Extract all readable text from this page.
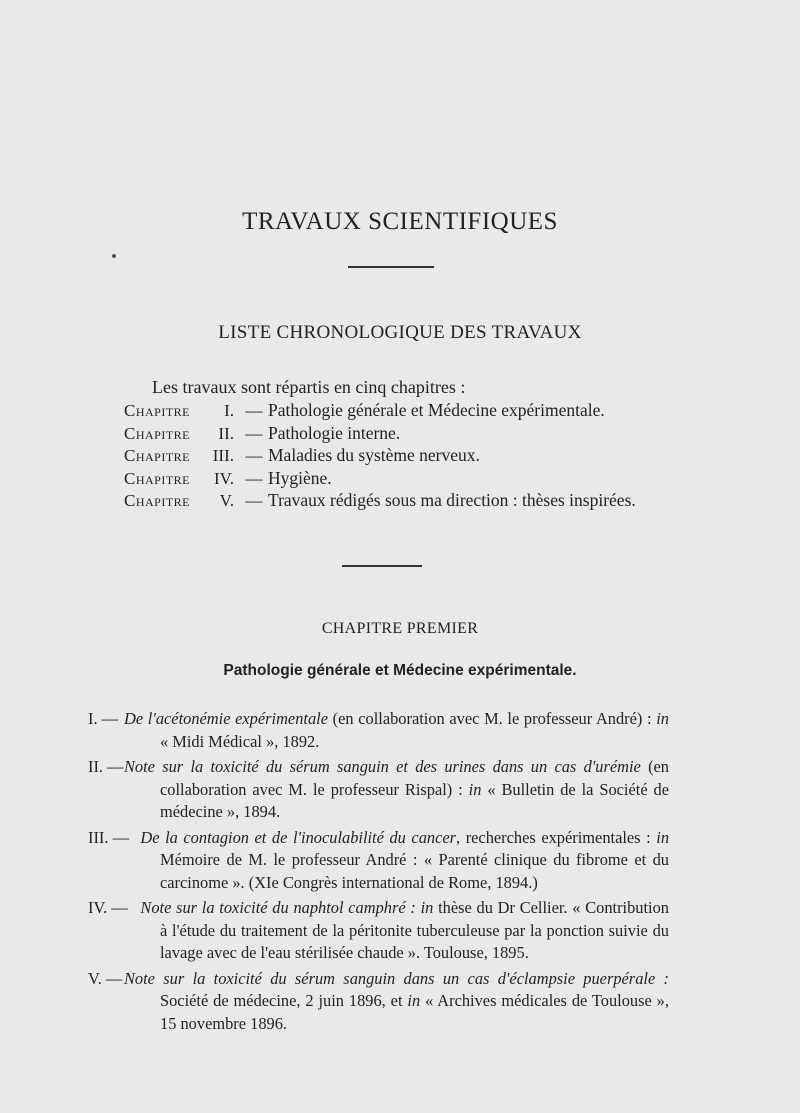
TRAVAUX SCIENTIFIQUES
LISTE CHRONOLOGIQUE DES TRAVAUX
Les travaux sont répartis en cinq chapitres :
Chapitre	I. — Pathologie générale et Médecine expérimentale.
Chapitre	II. — Pathologie interne.
Chapitre	III. — Maladies du système nerveux.
Chapitre	IV. — Hygiène.
Chapitre	V. — Travaux rédigés sous ma direction : thèses inspirées.
CHAPITRE PREMIER
Pathologie générale et Médecine expérimentale.
I. —De l'acétonémie expérimentale (en collaboration avec M. le professeur André) : in « Midi Médical », 1892.
II. —Note sur la toxicité du sérum sanguin et des urines dans un cas d'urémie (en collaboration avec M. le professeur Rispal) : in « Bulletin de la Société de médecine », 1894.
III. —De la contagion et de l'inoculabilité du cancer, recherches expérimentales : in Mémoire de M. le professeur André : « Parenté clinique du fibrome et du carcinome ». (XIe Congrès international de Rome, 1894.)
IV. —Note sur la toxicité du naphtol camphré : in thèse du Dr Cellier. « Contribution à l'étude du traitement de la péritonite tuberculeuse par la ponction suivie du lavage avec de l'eau stérilisée chaude ». Toulouse, 1895.
V. —Note sur la toxicité du sérum sanguin dans un cas d'éclampsie puerpérale : Société de médecine, 2 juin 1896, et in « Archives médicales de Toulouse », 15 novembre 1896.
